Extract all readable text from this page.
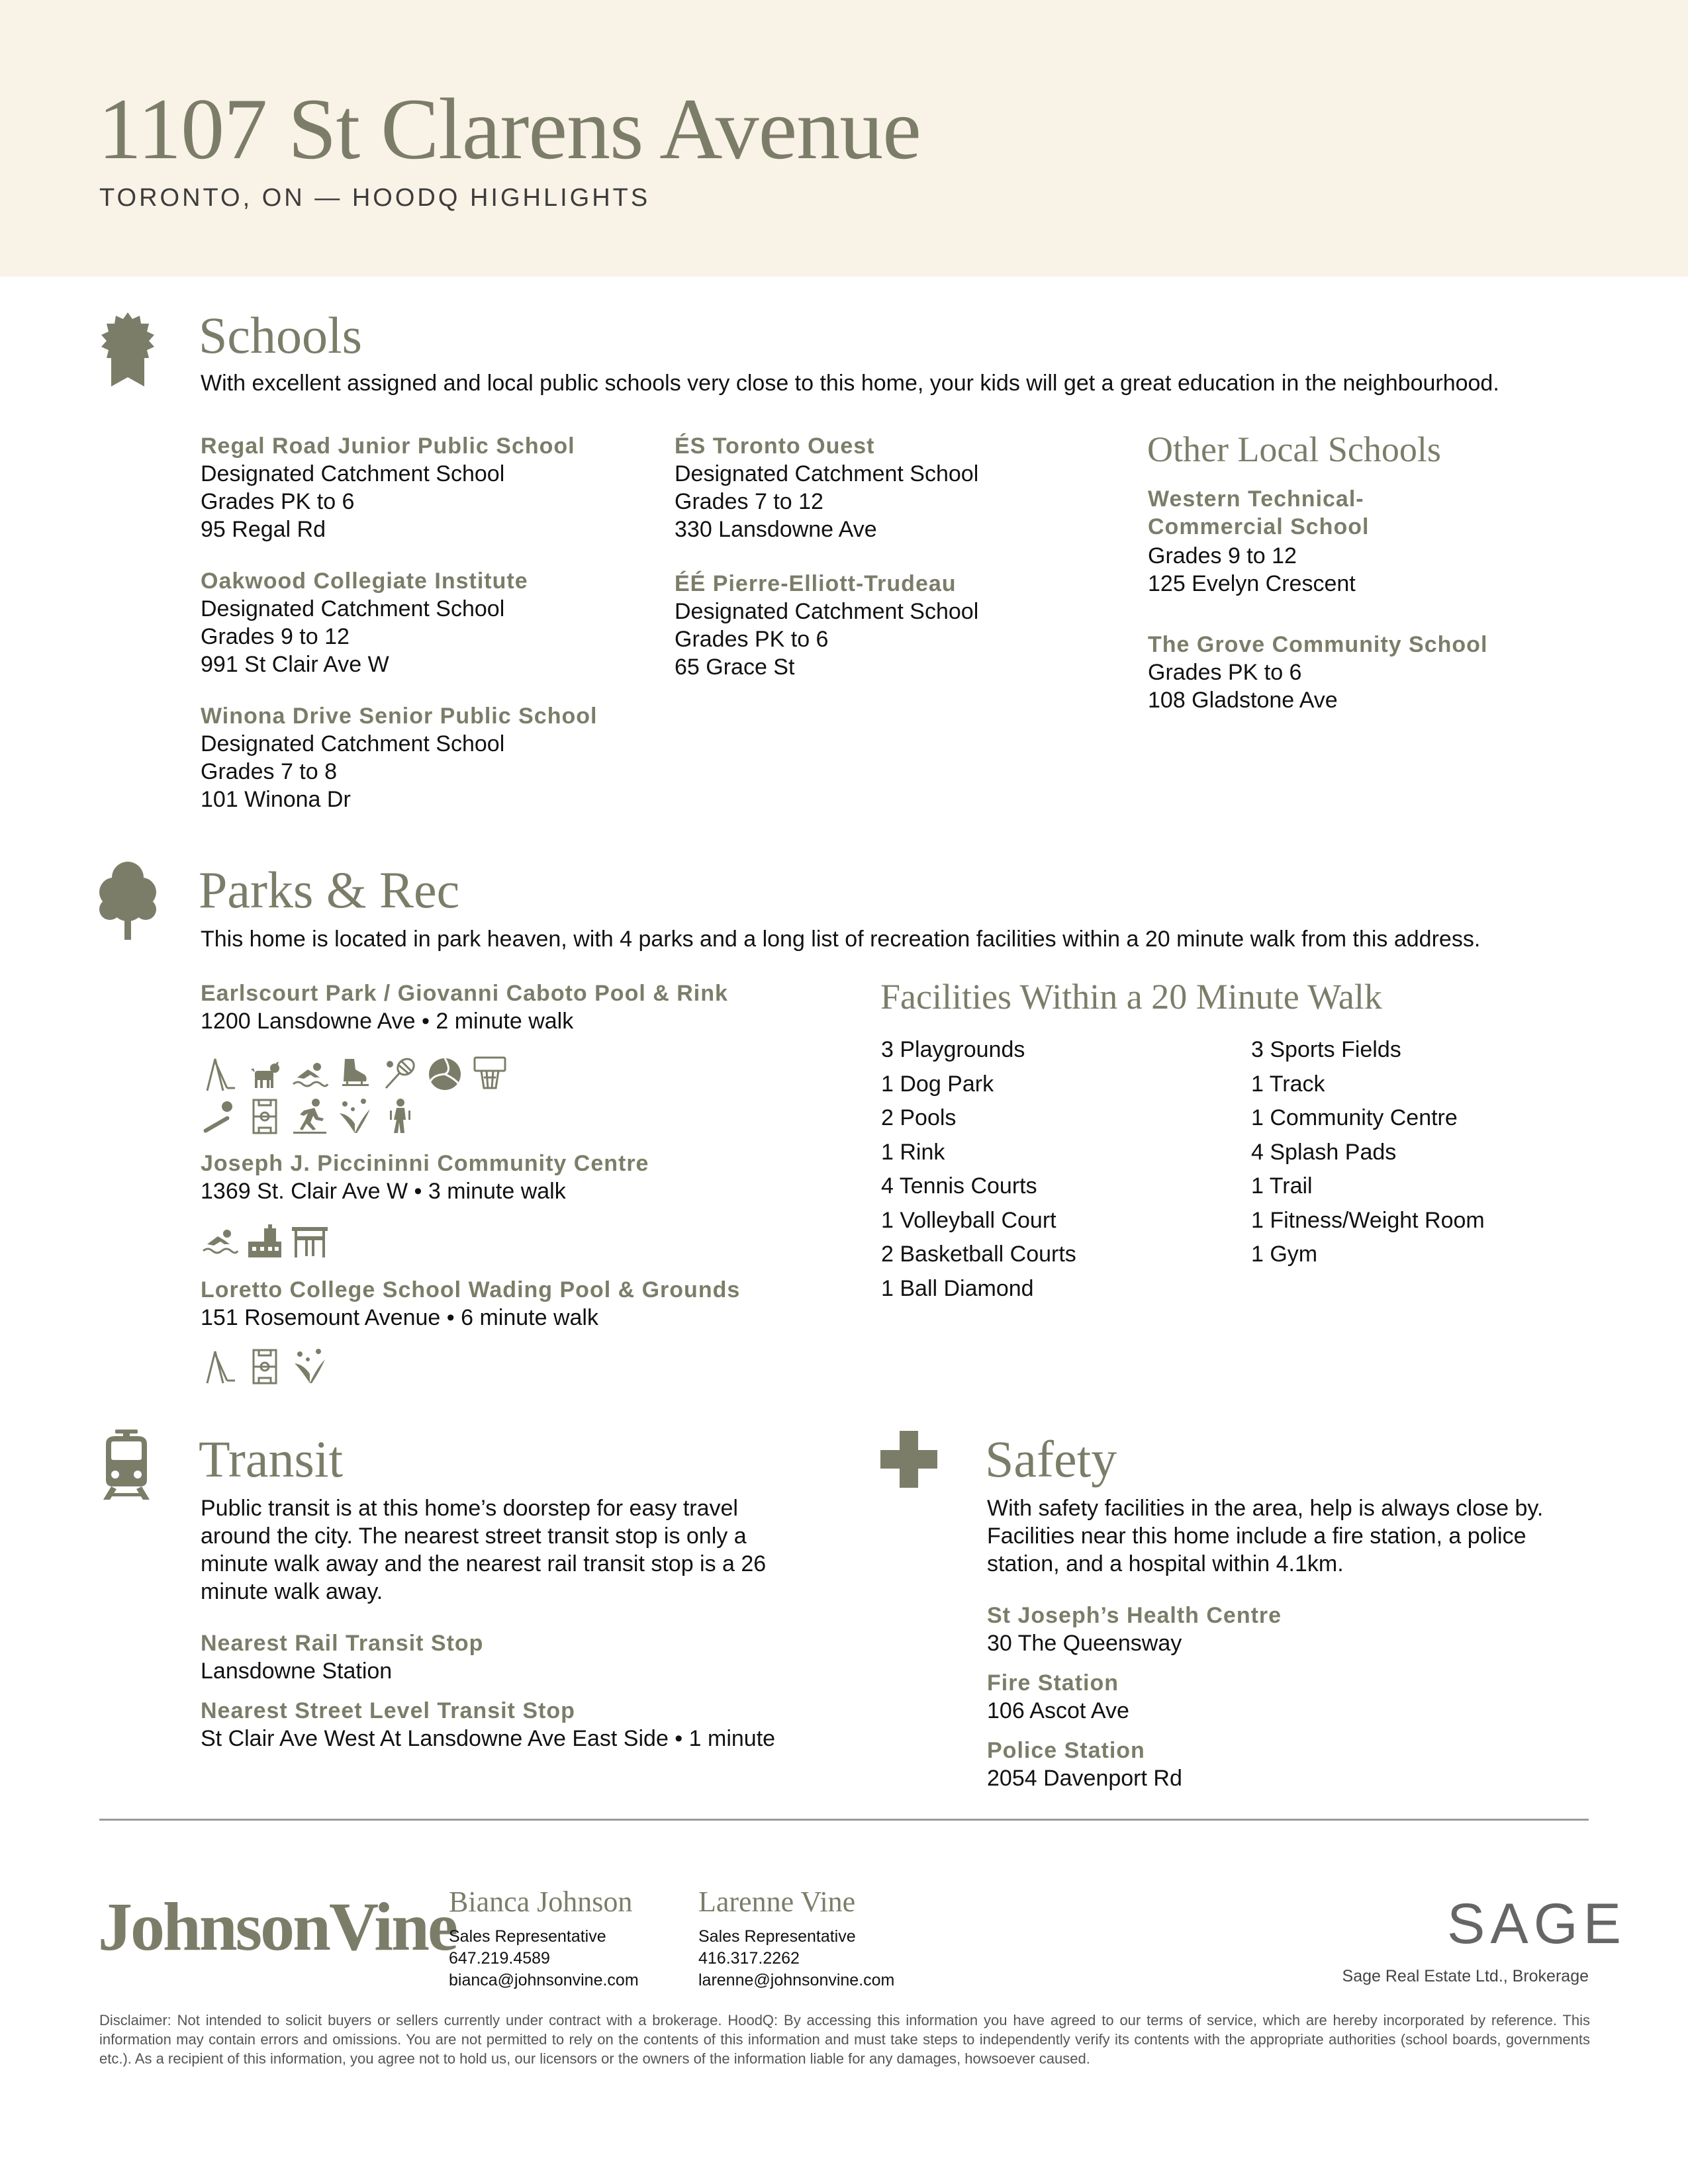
1107 St Clarens Avenue
TORONTO, ON — HOODQ HIGHLIGHTS
Schools
With excellent assigned and local public schools very close to this home, your kids will get a great education in the neighbourhood.
Regal Road Junior Public School
Designated Catchment School
Grades PK to 6
95 Regal Rd
Oakwood Collegiate Institute
Designated Catchment School
Grades 9 to 12
991 St Clair Ave W
Winona Drive Senior Public School
Designated Catchment School
Grades 7 to 8
101 Winona Dr
ÉS Toronto Ouest
Designated Catchment School
Grades 7 to 12
330 Lansdowne Ave
ÉÉ Pierre-Elliott-Trudeau
Designated Catchment School
Grades PK to 6
65 Grace St
Other Local Schools
Western Technical-
Commercial School
Grades 9 to 12
125 Evelyn Crescent
The Grove Community School
Grades PK to 6
108 Gladstone Ave
Parks & Rec
This home is located in park heaven, with 4 parks and a long list of recreation facilities within a 20 minute walk from this address.
Earlscourt Park / Giovanni Caboto Pool & Rink
1200 Lansdowne Ave • 2 minute walk
Joseph J. Piccininni Community Centre
1369 St. Clair Ave W • 3 minute walk
Loretto College School Wading Pool & Grounds
151 Rosemount Avenue • 6 minute walk
Facilities Within a 20 Minute Walk
3 Playgrounds
1 Dog Park
2 Pools
1 Rink
4 Tennis Courts
1 Volleyball Court
2 Basketball Courts
1 Ball Diamond
3 Sports Fields
1 Track
1 Community Centre
4 Splash Pads
1 Trail
1 Fitness/Weight Room
1 Gym
Transit
Public transit is at this home’s doorstep for easy travel
around the city. The nearest street transit stop is only a
minute walk away and the nearest rail transit stop is a 26
minute walk away.
Nearest Rail Transit Stop
Lansdowne Station
Nearest Street Level Transit Stop
St Clair Ave West At Lansdowne Ave East Side • 1 minute
Safety
With safety facilities in the area, help is always close by.
Facilities near this home include a fire station, a police
station, and a hospital within 4.1km.
St Joseph’s Health Centre
30 The Queensway
Fire Station
106 Ascot Ave
Police Station
2054 Davenport Rd
JohnsonVine
Bianca Johnson
Sales Representative
647.219.4589
bianca@johnsonvine.com
Larenne Vine
Sales Representative
416.317.2262
larenne@johnsonvine.com
SAGE
Sage Real Estate Ltd., Brokerage
Disclaimer: Not intended to solicit buyers or sellers currently under contract with a brokerage. HoodQ: By accessing this information you have agreed to our terms of service, which are hereby incorporated by reference. This information may contain errors and omissions. You are not permitted to rely on the contents of this information and must take steps to independently verify its contents with the appropriate authorities (school boards, governments etc.). As a recipient of this information, you agree not to hold us, our licensors or the owners of the information liable for any damages, howsoever caused.
